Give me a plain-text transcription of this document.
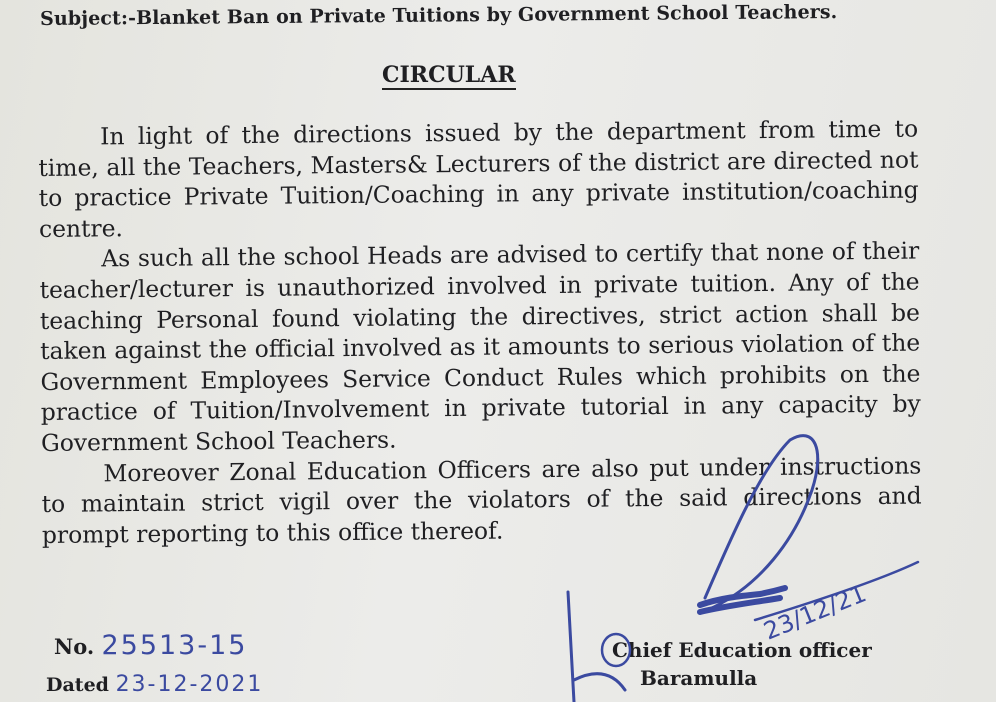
Subject:-Blanket Ban on Private Tuitions by Government School Teachers.
CIRCULAR

In light of the directions issued by the department from time to time, all the Teachers, Masters& Lecturers of the district are directed not to practice Private Tuition/Coaching in any private institution/coaching centre.

As such all the school Heads are advised to certify that none of their teacher/lecturer is unauthorized involved in private tuition. Any of the teaching Personal found violating the directives, strict action shall be taken against the official involved as it amounts to serious violation of the Government Employees Service Conduct Rules which prohibits on the practice of Tuition/Involvement in private tutorial in any capacity by Government School Teachers.

Moreover Zonal Education Officers are also put under instructions to maintain strict vigil over the violators of the said directions and prompt reporting to this office thereof.

No. 25513-15
Dated 23-12-2021
Chief Education officer
Baramulla
23/12/21
